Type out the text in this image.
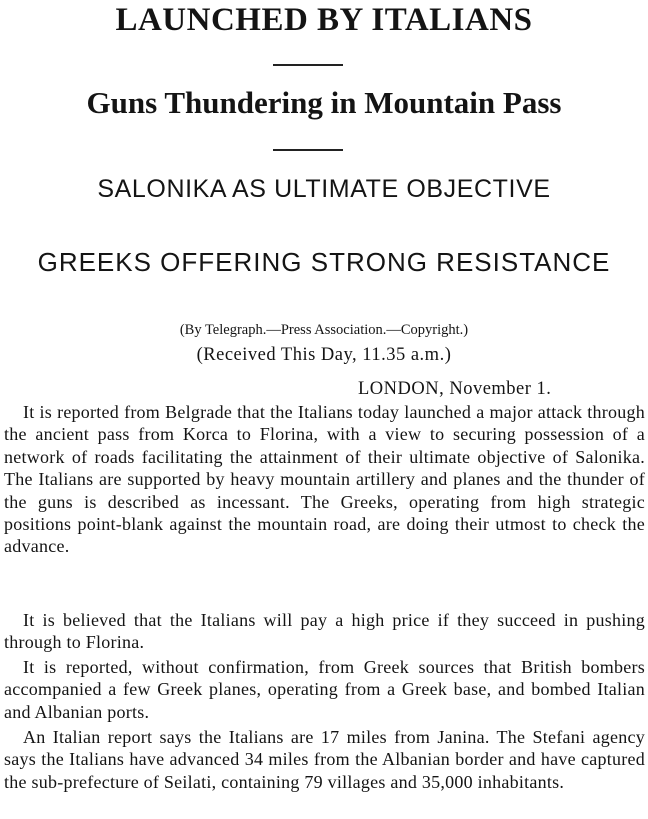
LAUNCHED BY ITALIANS
Guns Thundering in Mountain Pass
SALONIKA AS ULTIMATE OBJECTIVE
GREEKS OFFERING STRONG RESISTANCE
(By Telegraph.—Press Association.—Copyright.)
(Received This Day, 11.35 a.m.)
LONDON, November 1.

It is reported from Belgrade that the Italians today launched a major attack through the ancient pass from Korca to Florina, with a view to securing possession of a network of roads facilitating the attainment of their ultimate objective of Salonika. The Italians are supported by heavy mountain artillery and planes and the thunder of the guns is described as incessant. The Greeks, operating from high strategic positions point-blank against the mountain road, are doing their utmost to check the advance.

It is believed that the Italians will pay a high price if they succeed in pushing through to Florina.

It is reported, without confirmation, from Greek sources that British bombers accompanied a few Greek planes, operating from a Greek base, and bombed Italian and Albanian ports.

An Italian report says the Italians are 17 miles from Janina. The Stefani agency says the Italians have advanced 34 miles from the Albanian border and have captured the sub-prefecture of Seilati, containing 79 villages and 35,000 inhabitants.
